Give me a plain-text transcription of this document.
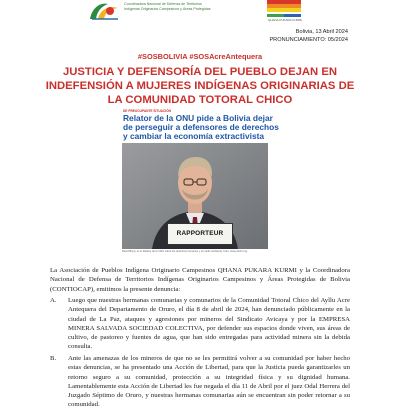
Coordinadora Nacional de Defensa de Territorios
Indígenas Originarios Campesinos y Áreas Protegidas
QHANA PUKARA KURMI
Bolivia, 13 Abril 2024
PRONUNCIAMIENTO: 05/2024
#SOSBOLIVIA #SOSAcreAntequera
JUSTICIA Y DEFENSORÍA DEL PUEBLO DEJAN EN INDEFENSIÓN A MUJERES INDÍGENAS ORIGINARIAS DE LA COMUNIDAD TOTORAL CHICO
DE PREOCUPANTE SITUACIÓN
Relator de la ONU pide a Bolivia dejar de perseguir a defensores de derechos y cambiar la economía extractivista
RAPPORTEUR
David Boyd, es el Relator de la ONU sobre los derechos humanos y el medio ambiente. Foto: www.ohchr.org

La Asociación de Pueblos Indígena Originario Campesinos QHANA PUKARA KURMI y la Coordinadora Nacional de Defensa de Territorios Indígenas Originarios Campesinos y Áreas Protegidas de Bolivia (CONTIOCAP), emitimos la presente denuncia:

A. Luego que nuestras hermanas comunarias y comunarios de la Comunidad Totoral Chico del Ayllu Acre Antequera del Departamento de Oruro, el día 8 de abril de 2024, han denunciado públicamente en la ciudad de La Paz, ataques y agresiones por mineros del Sindicato Avicaya y por la EMPRESA MINERA SALVADA SOCIEDAD COLECTIVA, por defender sus espacios donde viven, sus áreas de cultivo, de pastoreo y fuentes de agua, que han sido entregadas para actividad minera sin la debida consulta.

B. Ante las amenazas de los mineros de que no se les permitirá volver a su comunidad por haber hecho estas denuncias, se ha presentado una Acción de Libertad, para que la Justicia pueda garantizarles un retorno seguro a su comunidad, protección a su integridad física y su dignidad humana. Lamentablemente esta Acción de Libertad les fue negada el día 11 de Abril por el juez Odal Herrera del Juzgado Séptimo de Oruro, y nuestras hermanas comunarias aún se encuentran sin poder retornar a su comunidad.
